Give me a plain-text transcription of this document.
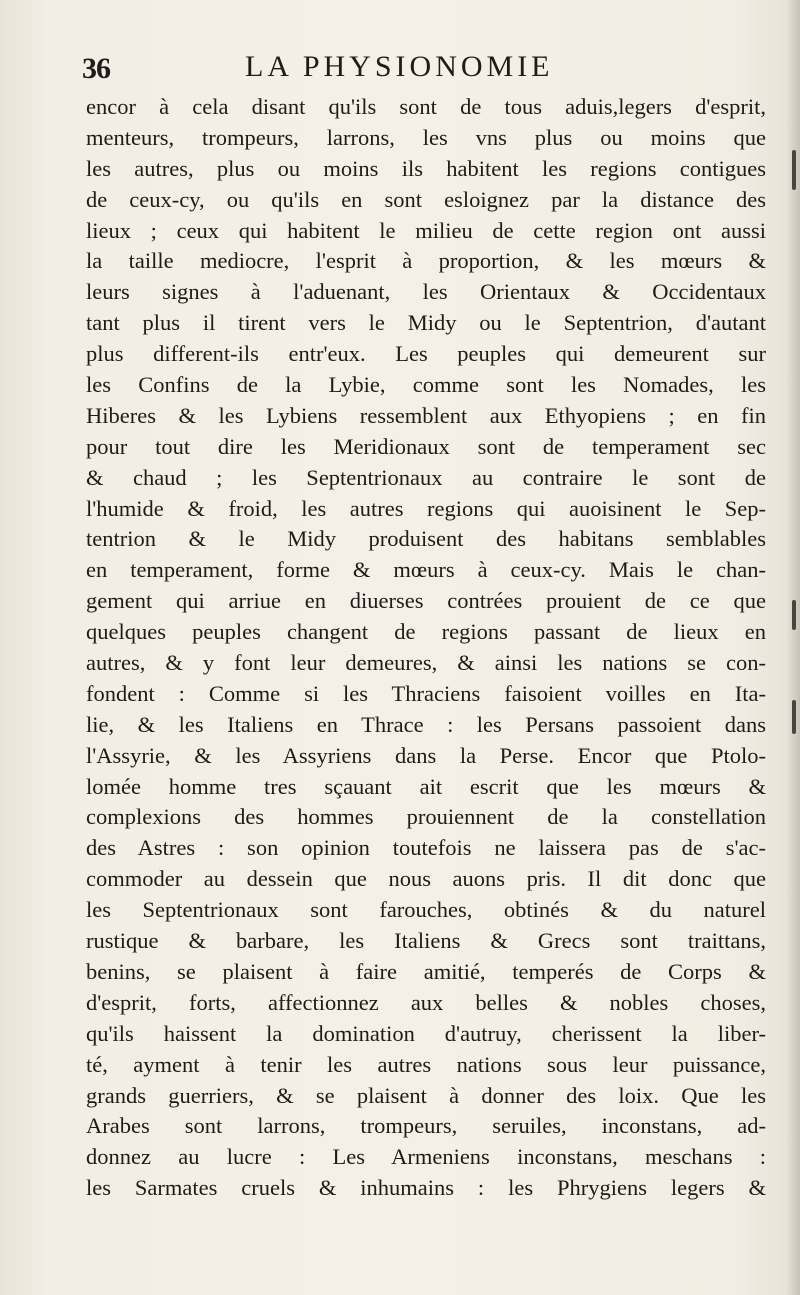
36	LA PHYSIONOMIE
encor à cela disant qu'ils sont de tous aduis,legers d'esprit,
menteurs, trompeurs, larrons, les vns plus ou moins que
les autres, plus ou moins ils habitent les regions contigues
de ceux-cy, ou qu'ils en sont esloignez par la distance des
lieux ; ceux qui habitent le milieu de cette region ont aussi
la taille mediocre, l'esprit à proportion, & les mœurs &
leurs signes à l'aduenant, les Orientaux & Occidentaux
tant plus il tirent vers le Midy ou le Septentrion, d'autant
plus different-ils entr'eux. Les peuples qui demeurent sur
les Confins de la Lybie, comme sont les Nomades, les
Hiberes & les Lybiens ressemblent aux Ethyopiens ; en fin
pour tout dire les Meridionaux sont de temperament sec
& chaud ; les Septentrionaux au contraire le sont de
l'humide & froid, les autres regions qui auoisinent le Sep-
tentrion & le Midy produisent des habitans semblables
en temperament, forme & mœurs à ceux-cy. Mais le chan-
gement qui arriue en diuerses contrées prouient de ce que
quelques peuples changent de regions passant de lieux en
autres, & y font leur demeures, & ainsi les nations se con-
fondent : Comme si les Thraciens faisoient voilles en Ita-
lie, & les Italiens en Thrace : les Persans passoient dans
l'Assyrie, & les Assyriens dans la Perse. Encor que Ptolo-
lomée homme tres sçauant ait escrit que les mœurs &
complexions des hommes prouiennent de la constellation
des Astres : son opinion toutefois ne laissera pas de s'ac-
commoder au dessein que nous auons pris. Il dit donc que
les Septentrionaux sont farouches, obtinés & du naturel
rustique & barbare, les Italiens & Grecs sont traittans,
benins, se plaisent à faire amitié, temperés de Corps &
d'esprit, forts, affectionnez aux belles & nobles choses,
qu'ils haissent la domination d'autruy, cherissent la liber-
té, ayment à tenir les autres nations sous leur puissance,
grands guerriers, & se plaisent à donner des loix. Que les
Arabes sont larrons, trompeurs, seruiles, inconstans, ad-
donnez au lucre : Les Armeniens inconstans, meschans :
les Sarmates cruels & inhumains : les Phrygiens legers &
